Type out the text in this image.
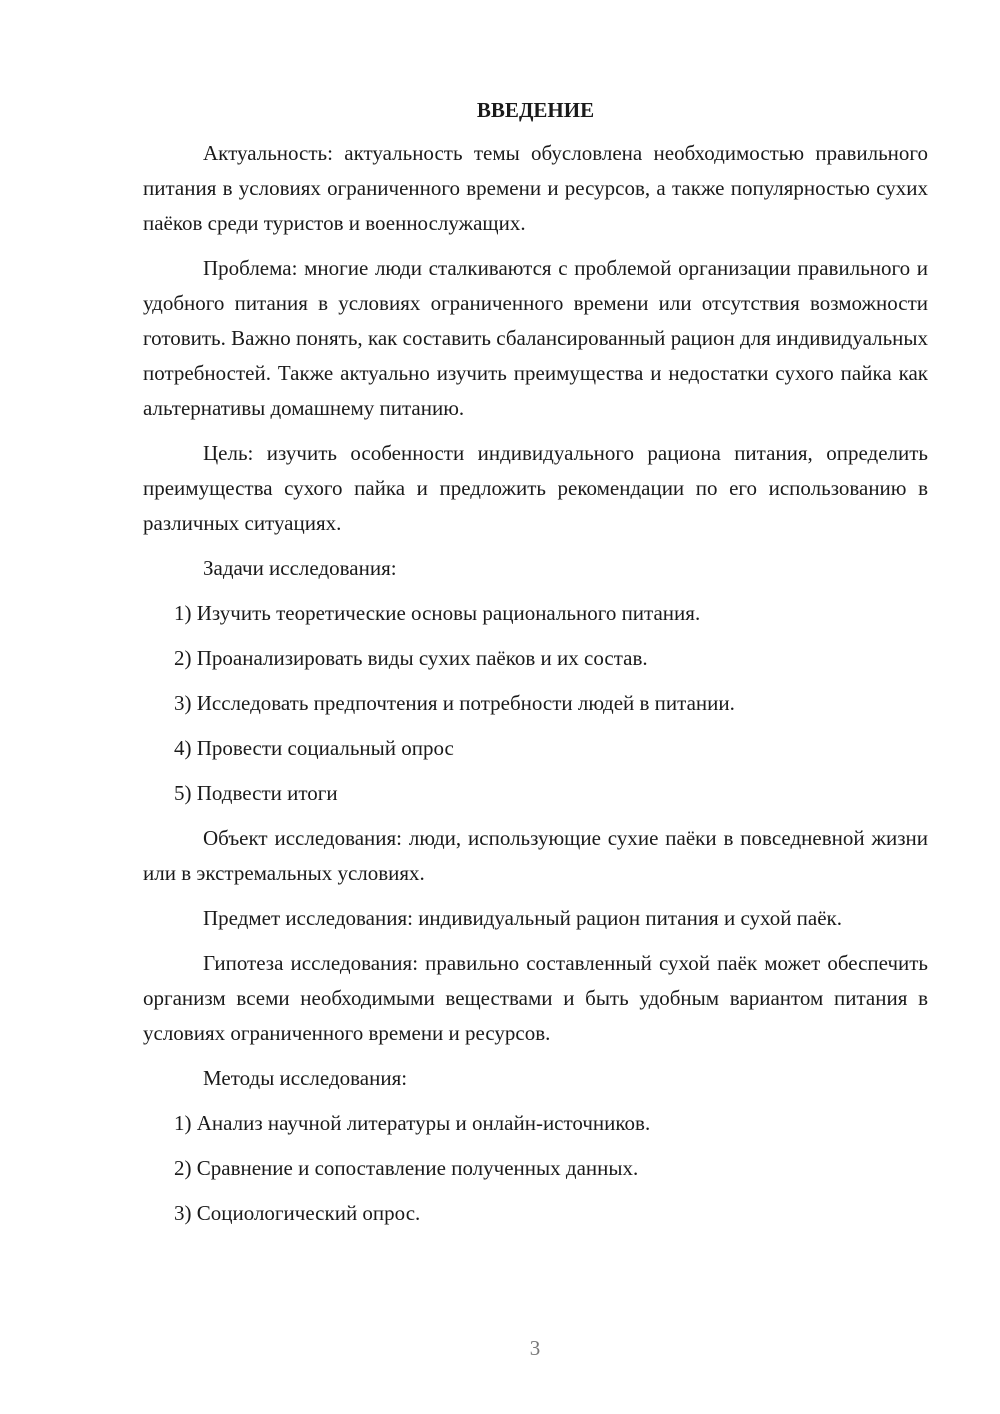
ВВЕДЕНИЕ

Актуальность: актуальность темы обусловлена необходимостью правильного питания в условиях ограниченного времени и ресурсов, а также популярностью сухих паёков среди туристов и военнослужащих.

Проблема: многие люди сталкиваются с проблемой организации правильного и удобного питания в условиях ограниченного времени или отсутствия возможности готовить. Важно понять, как составить сбалансированный рацион для индивидуальных потребностей. Также актуально изучить преимущества и недостатки сухого пайка как альтернативы домашнему питанию.

Цель: изучить особенности индивидуального рациона питания, определить преимущества сухого пайка и предложить рекомендации по его использованию в различных ситуациях.

Задачи исследования:

1) Изучить теоретические основы рационального питания.

2) Проанализировать виды сухих паёков и их состав.

3) Исследовать предпочтения и потребности людей в питании.

4) Провести социальный опрос

5) Подвести итоги

Объект исследования: люди, использующие сухие паёки в повседневной жизни или в экстремальных условиях.

Предмет исследования: индивидуальный рацион питания и сухой паёк.

Гипотеза исследования: правильно составленный сухой паёк может обеспечить организм всеми необходимыми веществами и быть удобным вариантом питания в условиях ограниченного времени и ресурсов.

Методы исследования:

1) Анализ научной литературы и онлайн-источников.

2) Сравнение и сопоставление полученных данных.

3) Социологический опрос.

3
